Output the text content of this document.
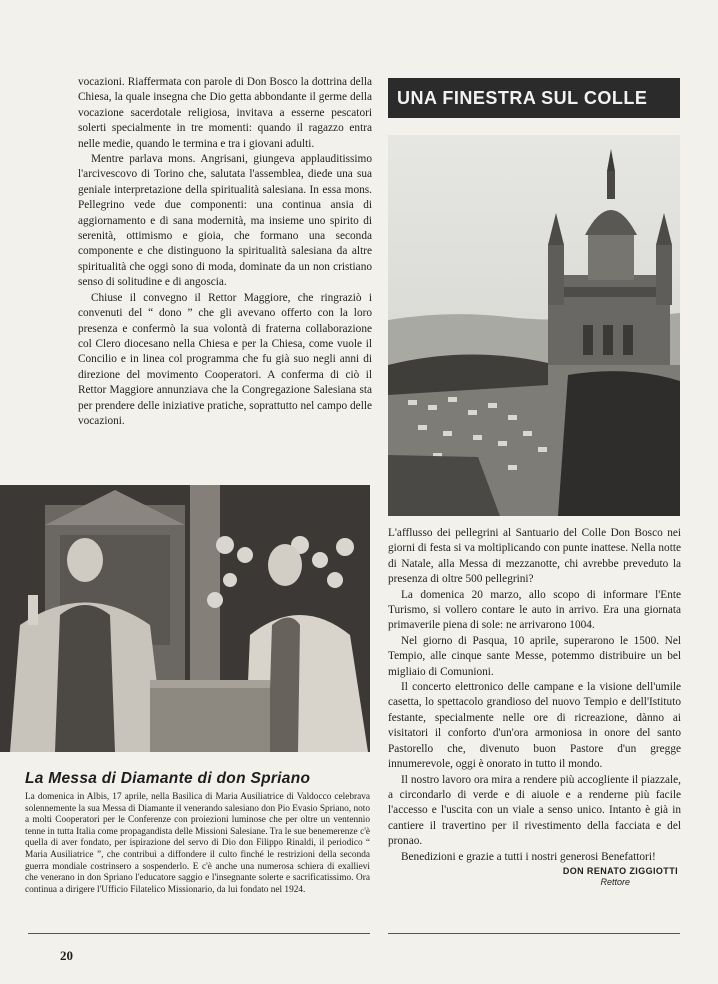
vocazioni. Riaffermata con parole di Don Bosco la dottrina della Chiesa, la quale insegna che Dio getta abbondante il germe della vocazione sacerdotale religiosa, invitava a esserne pescatori solerti specialmente in tre momenti: quando il ragazzo entra nelle medie, quando le termina e tra i giovani adulti.

Mentre parlava mons. Angrisani, giungeva applauditissimo l'arcivescovo di Torino che, salutata l'assemblea, diede una sua geniale interpretazione della spiritualità salesiana. In essa mons. Pellegrino vede due componenti: una continua ansia di aggiornamento e di sana modernità, ma insieme uno spirito di serenità, ottimismo e gioia, che formano una seconda componente e che distinguono la spiritualità salesiana da altre spiritualità che oggi sono di moda, dominate da un non cristiano senso di solitudine e di angoscia.

Chiuse il convegno il Rettor Maggiore, che ringraziò i convenuti del “ dono ” che gli avevano offerto con la loro presenza e confermò la sua volontà di fraterna collaborazione col Clero diocesano nella Chiesa e per la Chiesa, come vuole il Concilio e in linea col programma che fu già suo negli anni di direzione del movimento Cooperatori. A conferma di ciò il Rettor Maggiore annunziava che la Congregazione Salesiana sta per prendere delle iniziative pratiche, soprattutto nel campo delle vocazioni.

UNA FINESTRA SUL COLLE
La Messa di Diamante di don Spriano
La domenica in Albis, 17 aprile, nella Basilica di Maria Ausiliatrice di Valdocco celebrava solennemente la sua Messa di Diamante il venerando salesiano don Pio Evasio Spriano, noto a molti Cooperatori per le Conferenze con proiezioni luminose che per oltre un ventennio tenne in tutta Italia come propagandista delle Missioni Salesiane. Tra le sue benemerenze c'è quella di aver fondato, per ispirazione del servo di Dio don Filippo Rinaldi, il periodico “ Maria Ausiliatrice ”, che contribuì a diffondere il culto finché le restrizioni della seconda guerra mondiale costrinsero a sospenderlo. E c'è anche una numerosa schiera di exallievi che venerano in don Spriano l'educatore saggio e l'insegnante solerte e sacrificatissimo. Ora continua a dirigere l'Ufficio Filatelico Missionario, da lui fondato nel 1924.

L'afflusso dei pellegrini al Santuario del Colle Don Bosco nei giorni di festa si va moltiplicando con punte inattese. Nella notte di Natale, alla Messa di mezzanotte, chi avrebbe preveduto la presenza di oltre 500 pellegrini?

La domenica 20 marzo, allo scopo di informare l'Ente Turismo, si vollero contare le auto in arrivo. Era una giornata primaverile piena di sole: ne arrivarono 1004.

Nel giorno di Pasqua, 10 aprile, superarono le 1500. Nel Tempio, alle cinque sante Messe, potemmo distribuire un bel migliaio di Comunioni.

Il concerto elettronico delle campane e la visione dell'umile casetta, lo spettacolo grandioso del nuovo Tempio e dell'Istituto festante, specialmente nelle ore di ricreazione, dànno ai visitatori il conforto d'un'ora armoniosa in onore del santo Pastorello che, divenuto buon Pastore d'un gregge innumerevole, oggi è onorato in tutto il mondo.

Il nostro lavoro ora mira a rendere più accogliente il piazzale, a circondarlo di verde e di aiuole e a renderne più facile l'accesso e l'uscita con un viale a senso unico. Intanto è già in cantiere il travertino per il rivestimento della facciata e del pronao.

Benedizioni e grazie a tutti i nostri generosi Benefattori!

DON RENATO ZIGGIOTTI
Rettore
20
